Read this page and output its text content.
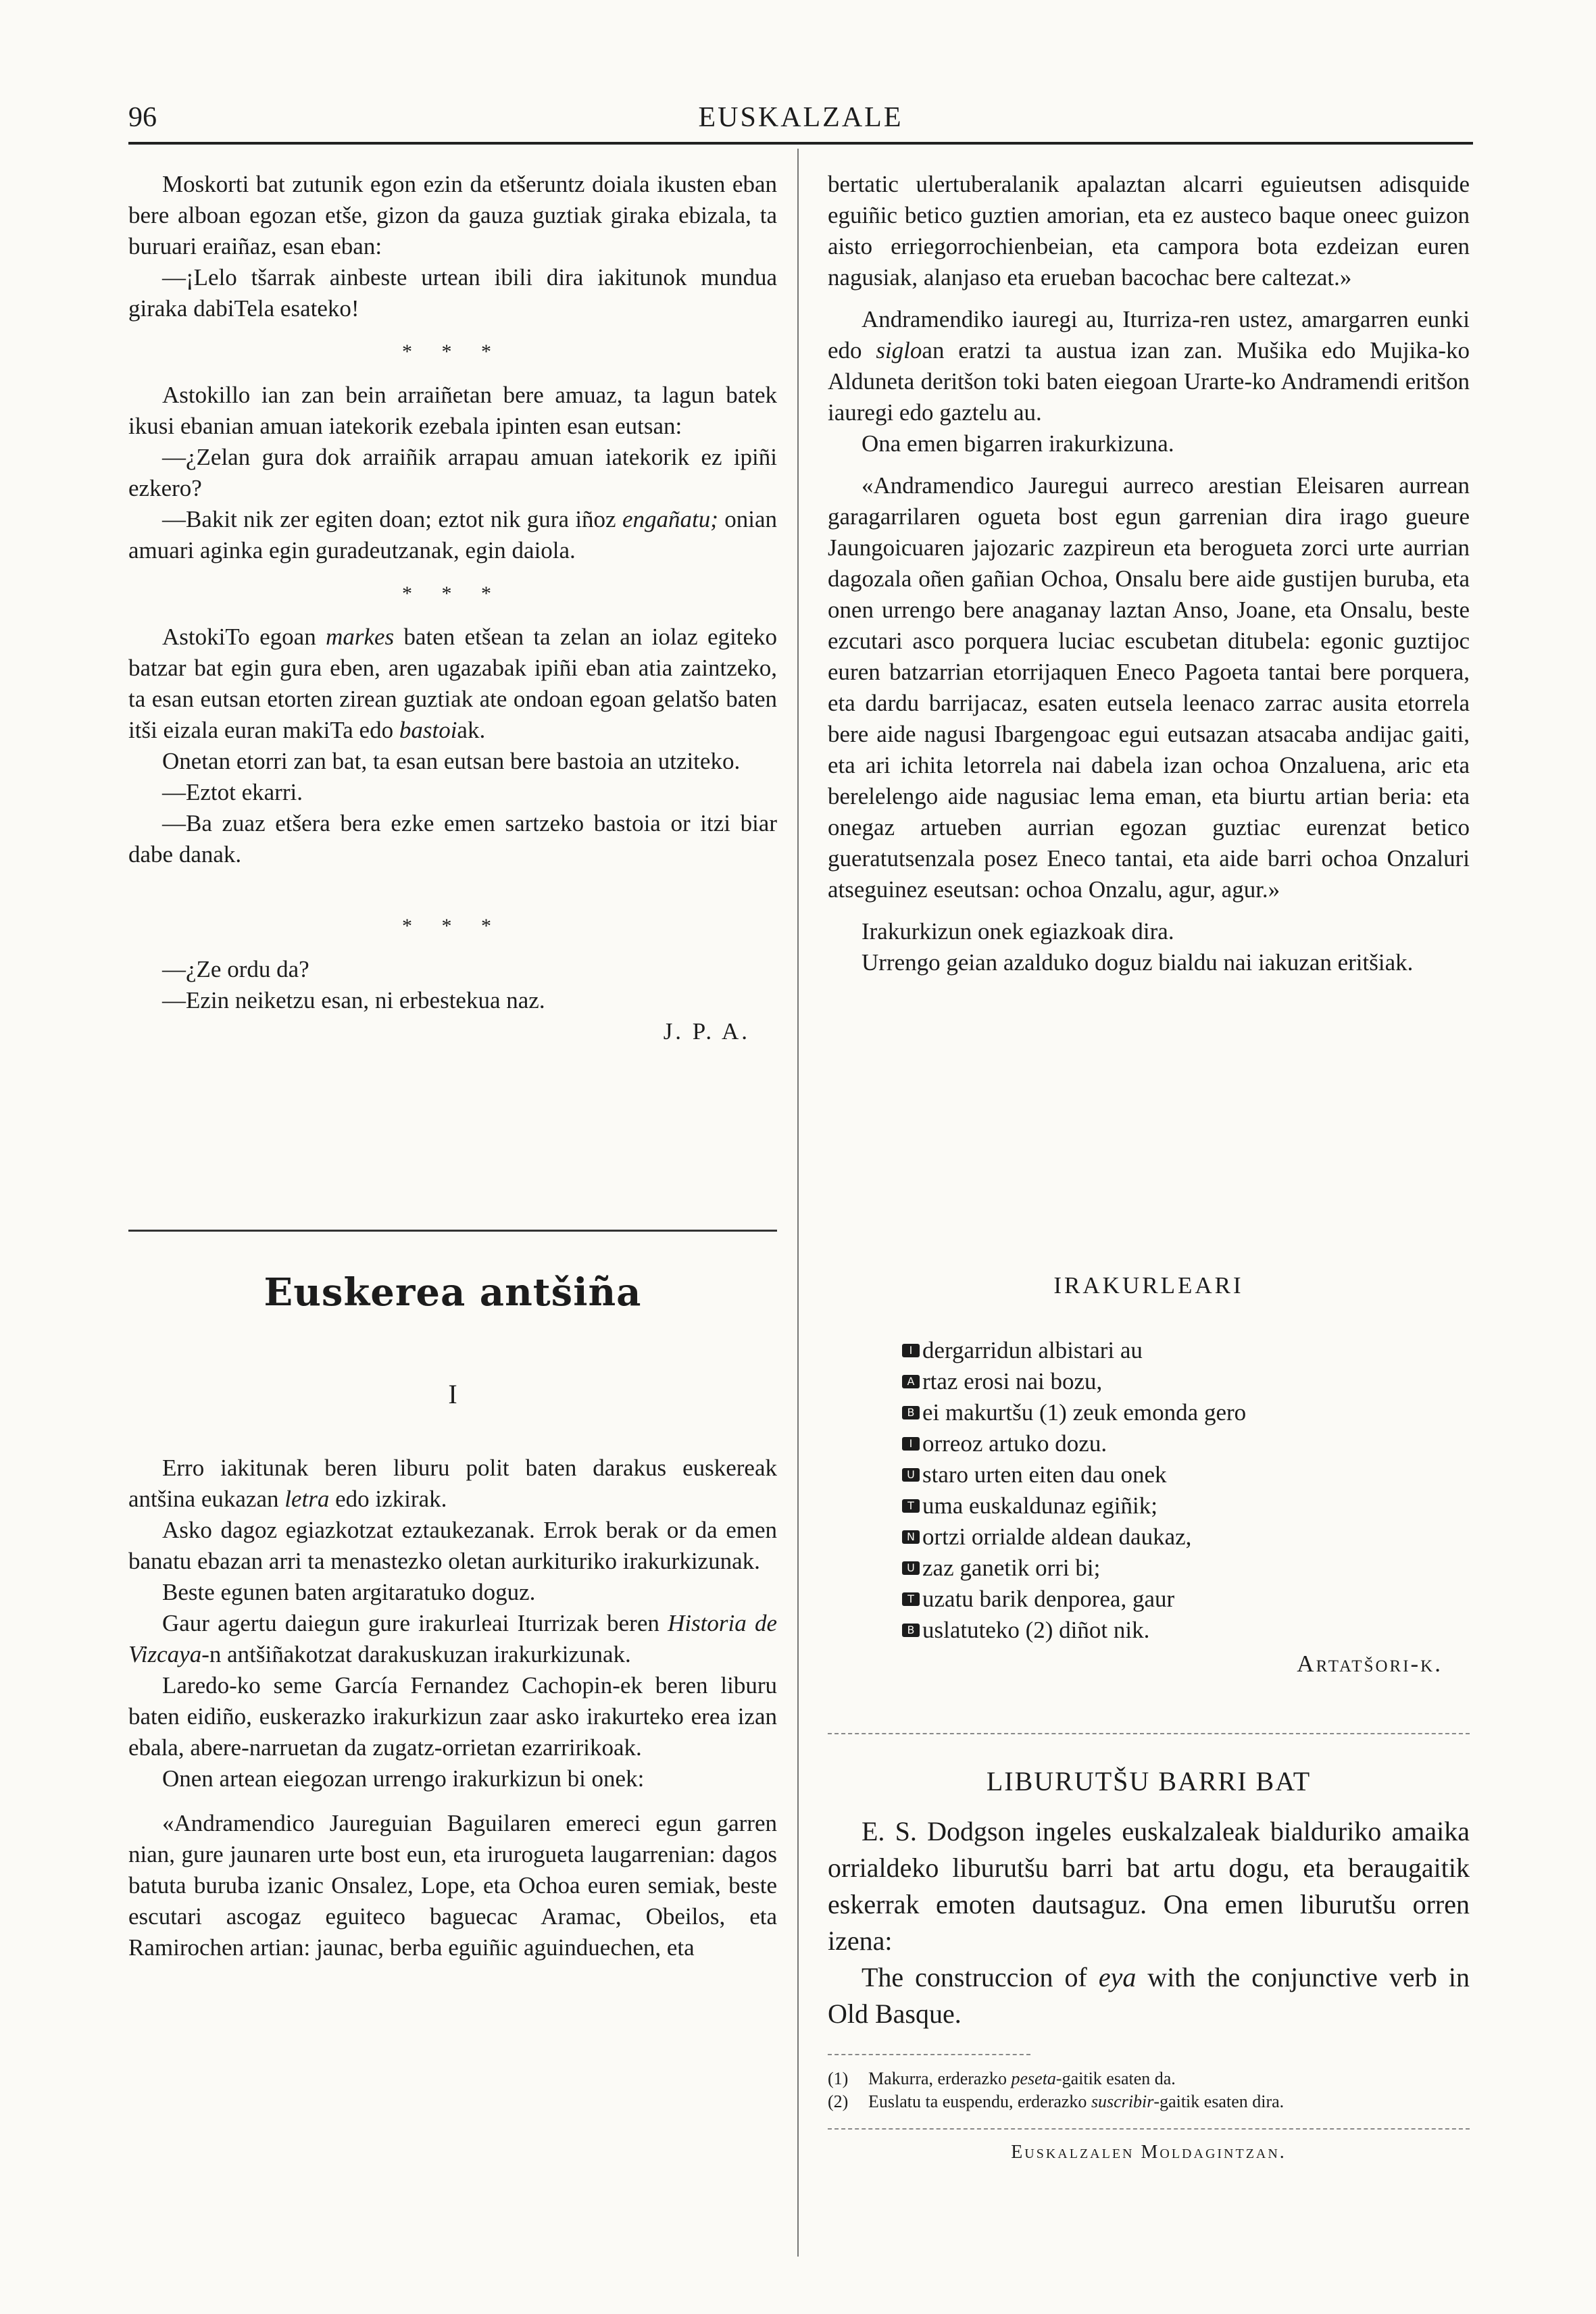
96	EUSKALZALE

Moskorti bat zutunik egon ezin da etšeruntz doiala ikusten eban bere alboan egozan etše, gizon da gauza guztiak giraka ebizala, ta buruari eraiñaz, esan eban:

—¡Lelo tšarrak ainbeste urtean ibili dira iakitunok mundua giraka dabiTela esateko!

* * *

Astokillo ian zan bein arraiñetan bere amuaz, ta lagun batek ikusi ebanian amuan iatekorik ezebala ipinten esan eutsan:

—¿Zelan gura dok arraiñik arrapau amuan iatekorik ez ipiñi ezkero?

—Bakit nik zer egiten doan; eztot nik gura iñoz engañatu; onian amuari aginka egin guradeutzanak, egin daiola.

* * *

AstokiTo egoan markes baten etšean ta zelan an iolaz egiteko batzar bat egin gura eben, aren ugazabak ipiñi eban atia zaintzeko, ta esan eutsan etorten zirean guztiak ate ondoan egoan gelatšo baten itši eizala euran makiTa edo bastoiak.

Onetan etorri zan bat, ta esan eutsan bere bastoia an utziteko.

—Eztot ekarri.

—Ba zuaz etšera bera ezke emen sartzeko bastoia or itzi biar dabe danak.

* * *

—¿Ze ordu da?

—Ezin neiketzu esan, ni erbestekua naz.

J. P. A.

Euskerea antšiña
I

Erro iakitunak beren liburu polit baten darakus euskereak antšina eukazan letra edo izkirak.

Asko dagoz egiazkotzat eztaukezanak. Errok berak or da emen banatu ebazan arri ta menastezko oletan aurkituriko irakurkizunak.

Beste egunen baten argitaratuko doguz.

Gaur agertu daiegun gure irakurleai Iturrizak beren Historia de Vizcaya-n antšiñakotzat darakuskuzan irakurkizunak.

Laredo-ko seme García Fernandez Cachopin-ek beren liburu baten eidiño, euskerazko irakurkizun zaar asko irakurteko erea izan ebala, abere-narruetan da zugatz-orrietan ezarririkoak.

Onen artean eiegozan urrengo irakurkizun bi onek:

«Andramendico Jaureguian Baguilaren emereci egun garren nian, gure jaunaren urte bost eun, eta irurogueta laugarrenian: dagos batuta buruba izanic Onsalez, Lope, eta Ochoa euren semiak, beste escutari ascogaz eguiteco baguecac Aramac, Obeilos, eta Ramirochen artian: jaunac, berba eguiñic aguinduechen, eta

bertatic ulertuberalanik apalaztan alcarri eguieutsen adisquide eguiñic betico guztien amorian, eta ez austeco baque oneec guizon aisto erriegorrochienbeian, eta campora bota ezdeizan euren nagusiak, alanjaso eta erueban bacochac bere caltezat.»

Andramendiko iauregi au, Iturriza-ren ustez, amargarren eunki edo sigloan eratzi ta austua izan zan. Mušika edo Mujika-ko Alduneta deritšon toki baten eiegoan Urarte-ko Andramendi eritšon iauregi edo gaztelu au.

Ona emen bigarren irakurkizuna.

«Andramendico Jauregui aurreco arestian Eleisaren aurrean garagarrilaren ogueta bost egun garrenian dira irago gueure Jaungoicuaren jajozaric zazpireun eta berogueta zorci urte aurrian dagozala oñen gañian Ochoa, Onsalu bere aide gustijen buruba, eta onen urrengo bere anaganay laztan Anso, Joane, eta Onsalu, beste ezcutari asco porquera luciac escubetan ditubela: egonic guztijoc euren batzarrian etorrijaquen Eneco Pagoeta tantai bere porquera, eta dardu barrijacaz, esaten eutsela leenaco zarrac ausita etorrela bere aide nagusi Ibargengoac egui eutsazan atsacaba andijac gaiti, eta ari ichita letorrela nai dabela izan ochoa Onzaluena, aric eta berelelengo aide nagusiac lema eman, eta biurtu artian beria: eta onegaz artueben aurrian egozan guztiac eurenzat betico gueratutsenzala posez Eneco tantai, eta aide barri ochoa Onzaluri atseguinez eseutsan: ochoa Onzalu, agur, agur.»

Irakurkizun onek egiazkoak dira.

Urrengo geian azalduko doguz bialdu nai iakuzan eritšiak.

IRAKURLEARI

I dergarridun albistari au
A rtaz erosi nai bozu,
B ei makurtšu (1) zeuk emonda gero
I orreoz artuko dozu.
U staro urten eiten dau onek
T uma euskaldunaz egiñik;
N ortzi orrialde aldean daukaz,
U zaz ganetik orri bi;
T uzatu barik denporea, gaur
B uslatuteko (2) diñot nik.

Artatšori-k.

LIBURUTŠU BARRI BAT

E. S. Dodgson ingeles euskalzaleak bialduriko amaika orrialdeko liburutšu barri bat artu dogu, eta beraugaitik eskerrak emoten dautsaguz. Ona emen liburutšu orren izena:

The construccion of eya with the conjunctive verb in Old Basque.

(1) Makurra, erderazko peseta-gaitik esaten da.
(2) Euslatu ta euspendu, erderazko suscribir-gaitik esaten dira.

Euskalzalen Moldagintzan.
